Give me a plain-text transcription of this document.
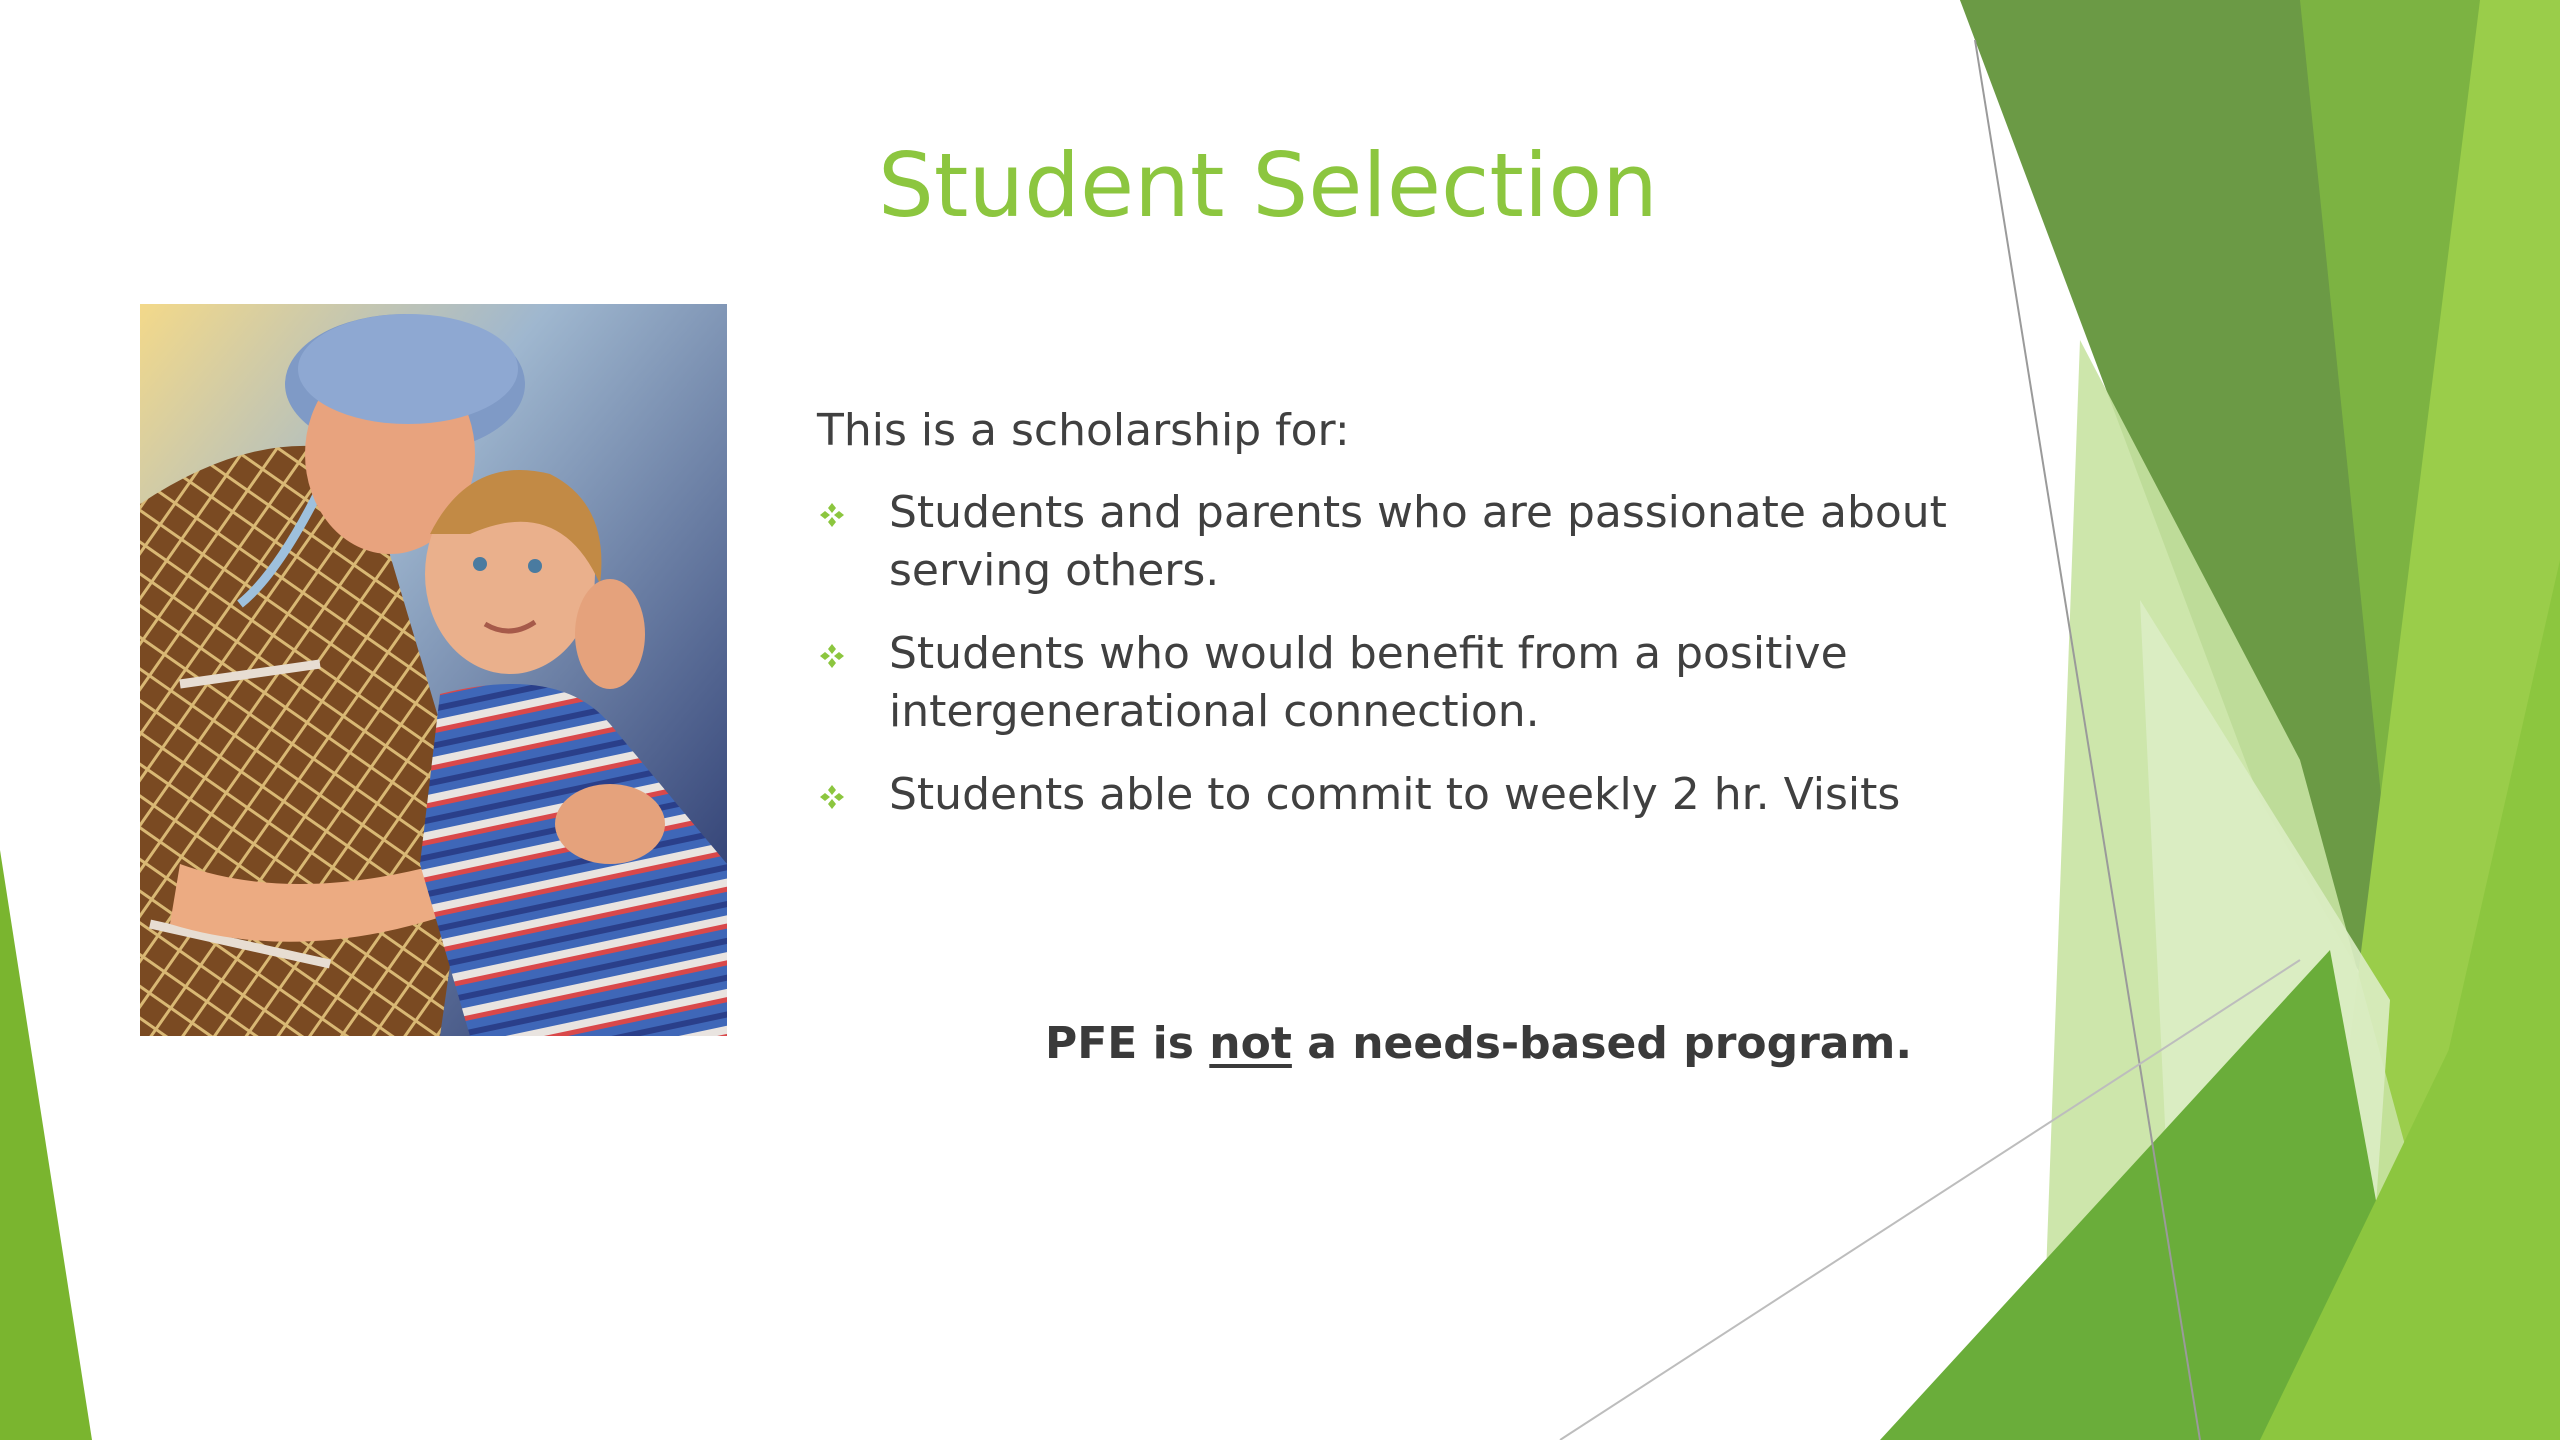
Student Selection

This is a scholarship for:

Students and parents who are passionate about serving others.
Students who would benefit from a positive intergenerational connection.
Students able to commit to weekly 2 hr. Visits
PFE is not a needs-based program.
